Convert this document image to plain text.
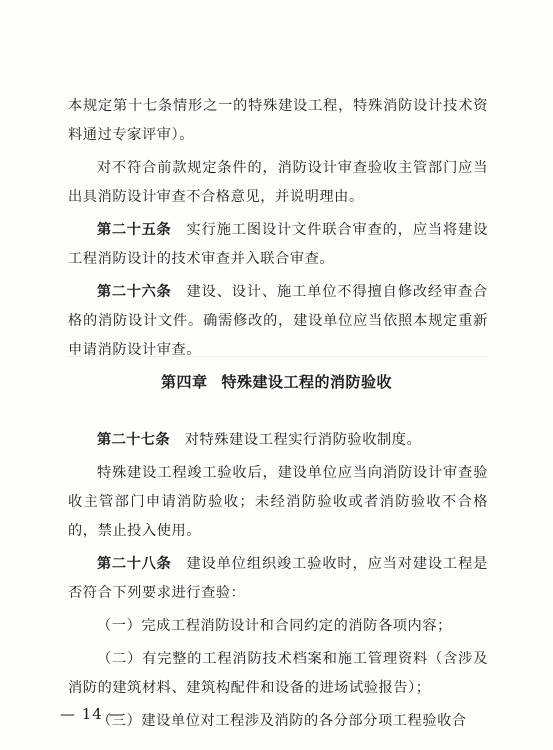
本规定第十七条情形之一的特殊建设工程，特殊消防设计技术资料通过专家评审）。

对不符合前款规定条件的，消防设计审查验收主管部门应当出具消防设计审查不合格意见，并说明理由。

第二十五条　 实行施工图设计文件联合审查的，应当将建设工程消防设计的技术审查并入联合审查。

第二十六条　 建设、设计、施工单位不得擅自修改经审查合格的消防设计文件。确需修改的，建设单位应当依照本规定重新申请消防设计审查。

第四章 特殊建设工程的消防验收

第二十七条　 对特殊建设工程实行消防验收制度。

特殊建设工程竣工验收后，建设单位应当向消防设计审查验收主管部门申请消防验收；未经消防验收或者消防验收不合格的，禁止投入使用。

第二十八条　 建设单位组织竣工验收时，应当对建设工程是否符合下列要求进行查验：

（一）完成工程消防设计和合同约定的消防各项内容；

（二）有完整的工程消防技术档案和施工管理资料（含涉及消防的建筑材料、建筑构配件和设备的进场试验报告）；

（三）建设单位对工程涉及消防的各分部分项工程验收合

— 14 —
